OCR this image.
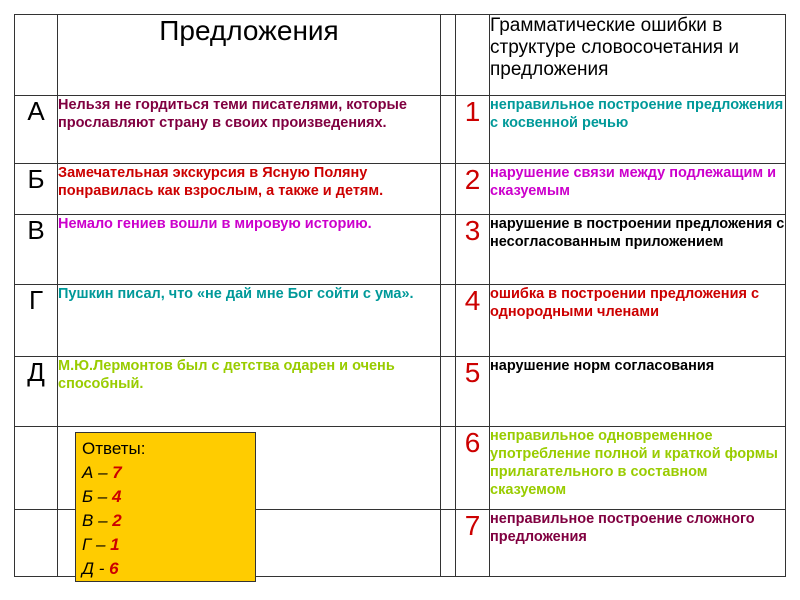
	Предложения			Грамматические ошибки в структуре словосочетания и предложения
А	Нельзя не гордиться теми писателями, которые прославляют страну в своих произведениях.		1	неправильное построение предложения с косвенной речью
Б	Замечательная экскурсия в Ясную Поляну понравилась как взрослым, а также и детям.		2	нарушение связи между подлежащим и сказуемым
В	Немало гениев вошли в мировую историю.		3	нарушение в построении предложения с несогласованным приложением
Г	Пушкин писал, что «не дай мне Бог сойти с ума».		4	ошибка в построении предложения с однородными членами
Д	М.Ю.Лермонтов был с детства одарен и очень способный.		5	нарушение норм согласования
			6	неправильное одновременное употребление полной и краткой формы прилагательного в составном сказуемом
			7	неправильное построение сложного предложения
Ответы:
А – 7
Б – 4
В – 2
Г – 1
Д - 6
